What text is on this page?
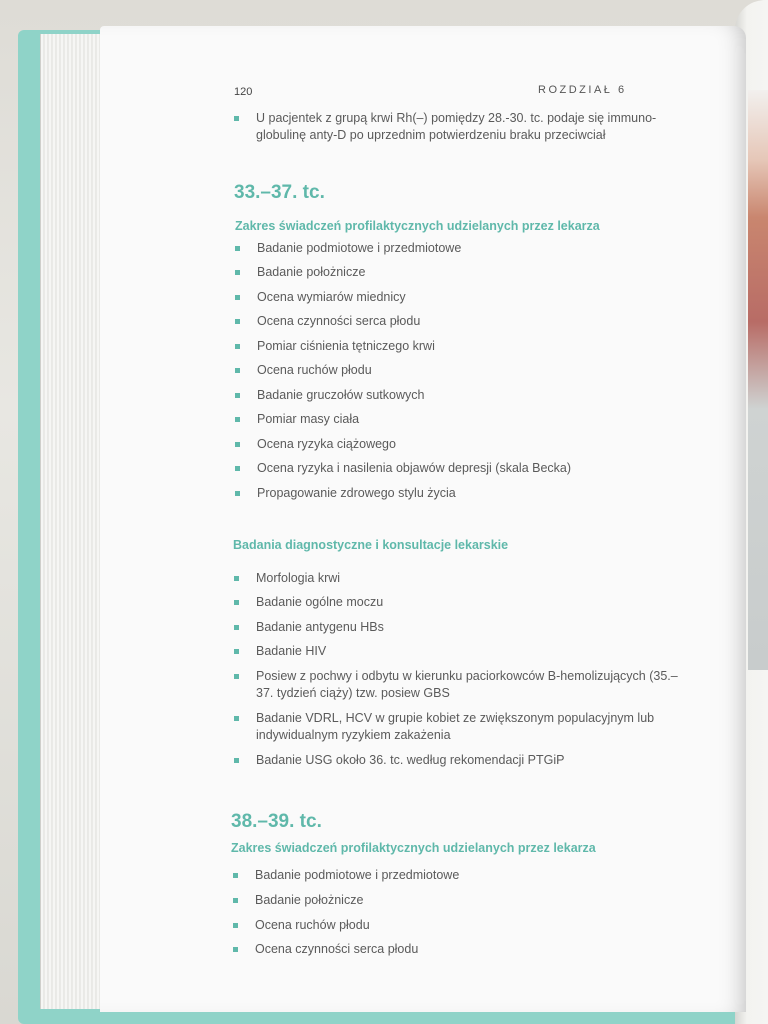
120	ROZDZIAŁ 6
U pacjentek z grupą krwi Rh(–) pomiędzy 28.-30. tc. podaje się immuno-globulinę anty-D po uprzednim potwierdzeniu braku przeciwciał
33.–37. tc.
Zakres świadczeń profilaktycznych udzielanych przez lekarza
Badanie podmiotowe i przedmiotowe
Badanie położnicze
Ocena wymiarów miednicy
Ocena czynności serca płodu
Pomiar ciśnienia tętniczego krwi
Ocena ruchów płodu
Badanie gruczołów sutkowych
Pomiar masy ciała
Ocena ryzyka ciążowego
Ocena ryzyka i nasilenia objawów depresji (skala Becka)
Propagowanie zdrowego stylu życia
Badania diagnostyczne i konsultacje lekarskie
Morfologia krwi
Badanie ogólne moczu
Badanie antygenu HBs
Badanie HIV
Posiew z pochwy i odbytu w kierunku paciorkowców B-hemolizujących (35.–37. tydzień ciąży) tzw. posiew GBS
Badanie VDRL, HCV w grupie kobiet ze zwiększonym populacyjnym lub indywidualnym ryzykiem zakażenia
Badanie USG około 36. tc. według rekomendacji PTGiP
38.–39. tc.
Zakres świadczeń profilaktycznych udzielanych przez lekarza
Badanie podmiotowe i przedmiotowe
Badanie położnicze
Ocena ruchów płodu
Ocena czynności serca płodu
